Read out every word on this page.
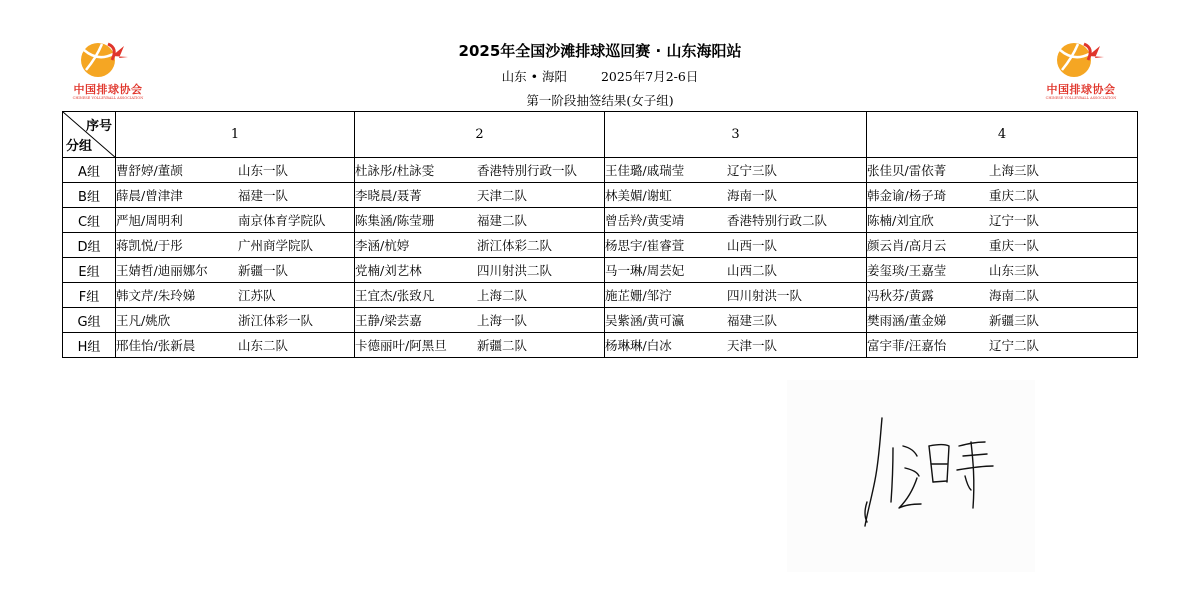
中国排球协会
CHINESE VOLLEYBALL ASSOCIATION
中国排球协会
CHINESE VOLLEYBALL ASSOCIATION
2025年全国沙滩排球巡回赛 · 山东海阳站
山东 • 海阳	2025年7月2-6日
第一阶段抽签结果(女子组)
序号
分组	1	2	3	4
A组	曹舒婷/董颉 山东一队	杜詠彤/杜詠雯 香港特別行政一队	王佳璐/戚瑞莹 辽宁三队	张佳贝/雷依菁 上海三队
B组	薛晨/曾津津 福建一队	李晓晨/聂菁 天津二队	林美媚/谢虹 海南一队	韩金谕/杨子琦 重庆二队
C组	严旭/周明利 南京体育学院队	陈集涵/陈莹珊 福建二队	曾岳羚/黄雯靖 香港特别行政二队	陈楠/刘宜欣 辽宁一队
D组	蒋凯悦/于彤 广州商学院队	李涵/杭婷 浙江体彩二队	杨思宇/崔睿萱 山西一队	颜云肖/高月云 重庆一队
E组	王婧哲/迪丽娜尔 新疆一队	党楠/刘艺林 四川射洪二队	马一琳/周芸妃 山西二队	姜玺琰/王嘉莹 山东三队
F组	韩文芹/朱玲娣 江苏队	王宜杰/张致凡 上海二队	施芷姗/邹泞 四川射洪一队	冯秋芬/黄露 海南二队
G组	王凡/姚欣 浙江体彩一队	王静/梁芸嘉 上海一队	吴紫涵/黄可瀛 福建三队	樊雨涵/董金娣 新疆三队
H组	邢佳怡/张新晨 山东二队	卡德丽叶/阿黑旦 新疆二队	杨琳琳/白冰 天津一队	富宇菲/汪嘉怡 辽宁二队
